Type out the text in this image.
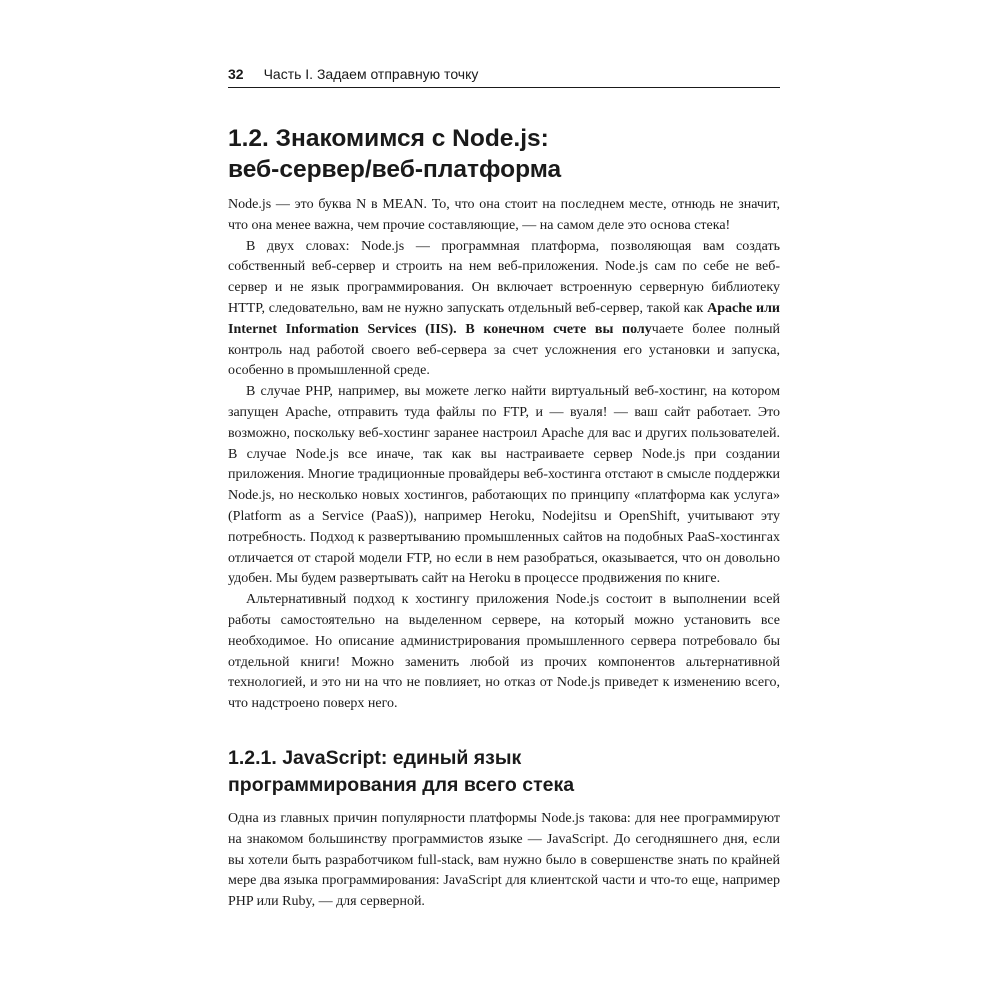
32 Часть I. Задаем отправную точку
1.2. Знакомимся с Node.js:
веб-сервер/веб-платформа

Node.js — это буква N в MEAN. То, что она стоит на последнем месте, отнюдь не значит, что она менее важна, чем прочие составляющие, — на самом деле это основа стека!

В двух словах: Node.js — программная платформа, позволяющая вам создать собственный веб-сервер и строить на нем веб-приложения. Node.js сам по себе не веб-сервер и не язык программирования. Он включает встроенную серверную библиотеку HTTP, следовательно, вам не нужно запускать отдельный веб-сервер, такой как Apache или Internet Information Services (IIS). В конечном счете вы получаете более полный контроль над работой своего веб-сервера за счет усложнения его установки и запуска, особенно в промышленной среде.

В случае PHP, например, вы можете легко найти виртуальный веб-хостинг, на котором запущен Apache, отправить туда файлы по FTP, и — вуаля! — ваш сайт работает. Это возможно, поскольку веб-хостинг заранее настроил Apache для вас и других пользователей. В случае Node.js все иначе, так как вы настраиваете сервер Node.js при создании приложения. Многие традиционные провайдеры веб-хостинга отстают в смысле поддержки Node.js, но несколько новых хостингов, работающих по принципу «платформа как услуга» (Platform as a Service (PaaS)), например Heroku, Nodejitsu и OpenShift, учитывают эту потребность. Подход к развертыванию промышленных сайтов на подобных PaaS-хостингах отличается от старой модели FTP, но если в нем разобраться, оказывается, что он довольно удобен. Мы будем развертывать сайт на Heroku в процессе продвижения по книге.

Альтернативный подход к хостингу приложения Node.js состоит в выполнении всей работы самостоятельно на выделенном сервере, на который можно установить все необходимое. Но описание администрирования промышленного сервера потребовало бы отдельной книги! Можно заменить любой из прочих компонентов альтернативной технологией, и это ни на что не повлияет, но отказ от Node.js приведет к изменению всего, что надстроено поверх него.

1.2.1. JavaScript: единый язык
программирования для всего стека

Одна из главных причин популярности платформы Node.js такова: для нее программируют на знакомом большинству программистов языке — JavaScript. До сегодняшнего дня, если вы хотели быть разработчиком full-stack, вам нужно было в совершенстве знать по крайней мере два языка программирования: JavaScript для клиентской части и что-то еще, например PHP или Ruby, — для серверной.
